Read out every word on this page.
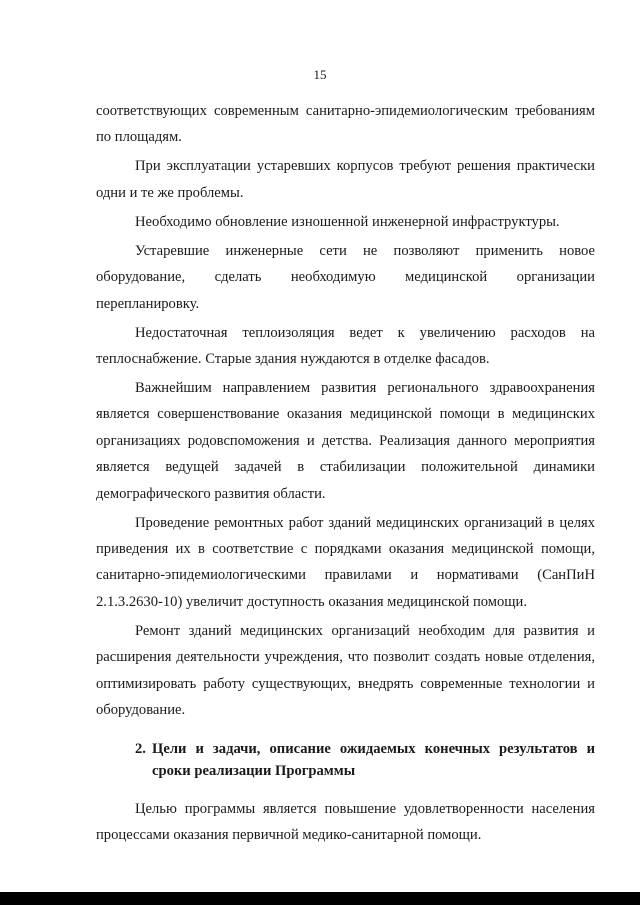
15

соответствующих современным санитарно-эпидемиологическим требованиям по площадям.

При эксплуатации устаревших корпусов требуют решения практически одни и те же проблемы.

Необходимо обновление изношенной инженерной инфраструктуры.

Устаревшие инженерные сети не позволяют применить новое оборудование, сделать необходимую медицинской организации перепланировку.

Недостаточная теплоизоляция ведет к увеличению расходов на теплоснабжение. Старые здания нуждаются в отделке фасадов.

Важнейшим направлением развития регионального здравоохранения является совершенствование оказания медицинской помощи в медицинских организациях родовспоможения и детства. Реализация данного мероприятия является ведущей задачей в стабилизации положительной динамики демографического развития области.

Проведение ремонтных работ зданий медицинских организаций в целях приведения их в соответствие с порядками оказания медицинской помощи, санитарно-эпидемиологическими правилами и нормативами (СанПиН 2.1.3.2630-10) увеличит доступность оказания медицинской помощи.

Ремонт зданий медицинских организаций необходим для развития и расширения деятельности учреждения, что позволит создать новые отделения, оптимизировать работу существующих, внедрять современные технологии и оборудование.

2. Цели и задачи, описание ожидаемых конечных результатов и сроки реализации Программы

Целью программы является повышение удовлетворенности населения процессами оказания первичной медико-санитарной помощи.
